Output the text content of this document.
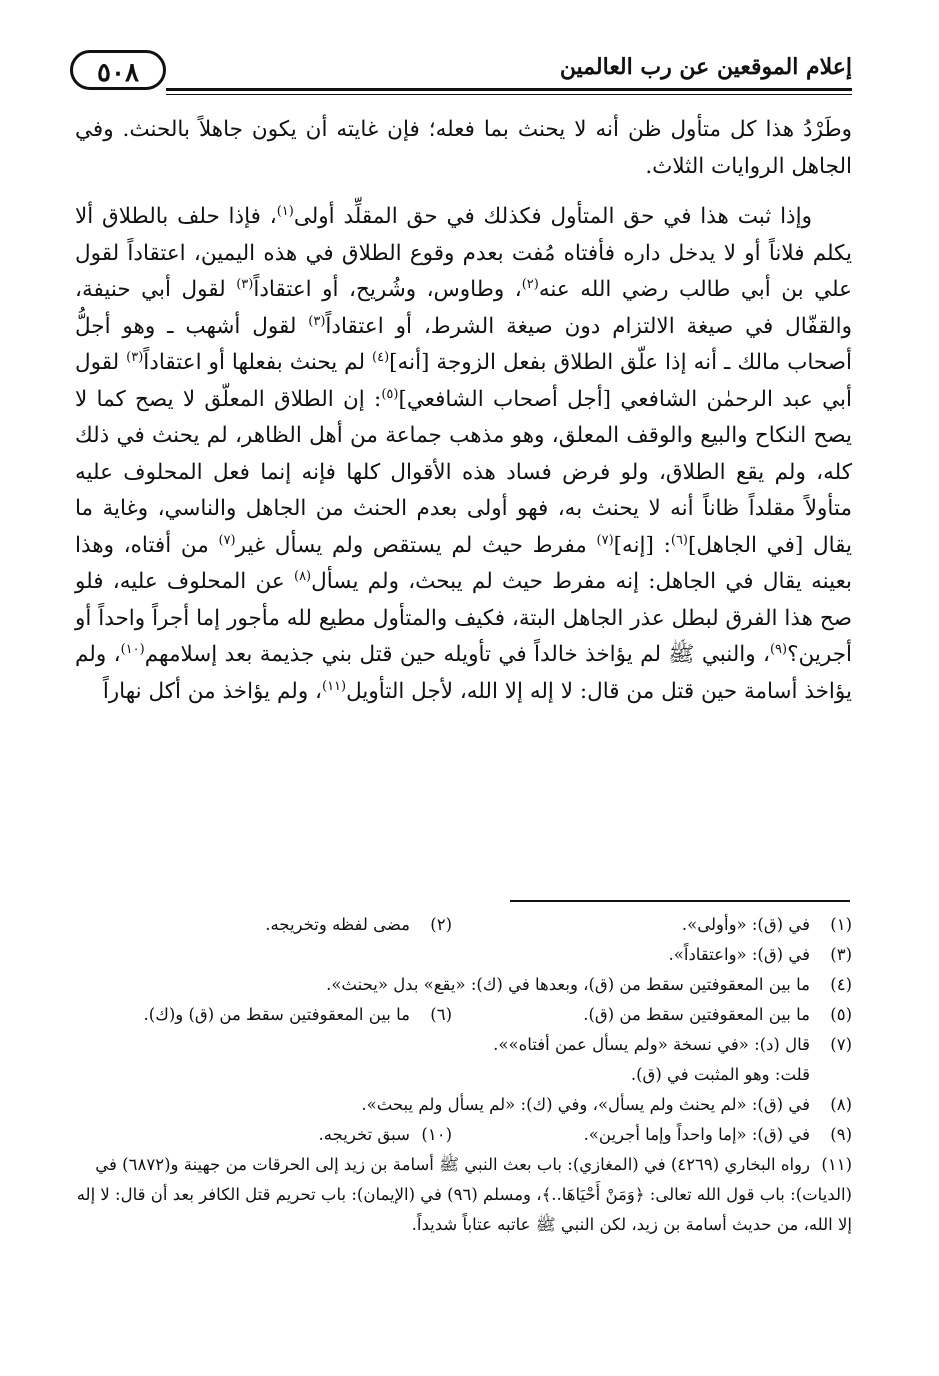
إعلام الموقعين عن رب العالمين
٥٠٨

وطَرْدُ هذا كل متأول ظن أنه لا يحنث بما فعله؛ فإن غايته أن يكون جاهلاً بالحنث. وفي الجاهل الروايات الثلاث.

وإذا ثبت هذا في حق المتأول فكذلك في حق المقلِّد أولى$^{(١)}$، فإذا حلف بالطلاق ألا يكلم فلاناً أو لا يدخل داره فأفتاه مُفت بعدم وقوع الطلاق في هذه اليمين، اعتقاداً لقول علي بن أبي طالب رضي الله عنه$^{(٢)}$، وطاوس، وشُريح، أو اعتقاداً$^{(٣)}$ لقول أبي حنيفة، والقفّال في صيغة الالتزام دون صيغة الشرط، أو اعتقاداً$^{(٣)}$ لقول أشهب ـ وهو أجلُّ أصحاب مالك ـ أنه إذا علّق الطلاق بفعل الزوجة [أنه]$^{(٤)}$ لم يحنث بفعلها أو اعتقاداً$^{(٣)}$ لقول أبي عبد الرحمٰن الشافعي [أجل أصحاب الشافعي]$^{(٥)}$: إن الطلاق المعلّق لا يصح كما لا يصح النكاح والبيع والوقف المعلق، وهو مذهب جماعة من أهل الظاهر، لم يحنث في ذلك كله، ولم يقع الطلاق، ولو فرض فساد هذه الأقوال كلها فإنه إنما فعل المحلوف عليه متأولاً مقلداً ظاناً أنه لا يحنث به، فهو أولى بعدم الحنث من الجاهل والناسي، وغاية ما يقال [في الجاهل]$^{(٦)}$: [إنه]$^{(٧)}$ مفرط حيث لم يستقص ولم يسأل غير$^{(٧)}$ من أفتاه، وهذا بعينه يقال في الجاهل: إنه مفرط حيث لم يبحث، ولم يسأل$^{(٨)}$ عن المحلوف عليه، فلو صح هذا الفرق لبطل عذر الجاهل البتة، فكيف والمتأول مطيع لله مأجور إما أجراً واحداً أو أجرين؟$^{(٩)}$، والنبي ﷺ لم يؤاخذ خالداً في تأويله حين قتل بني جذيمة بعد إسلامهم$^{(١٠)}$، ولم يؤاخذ أسامة حين قتل من قال: لا إله إلا الله، لأجل التأويل$^{(١١)}$، ولم يؤاخذ من أكل نهاراً

(١)في (ق): «وأولى».
(٢)مضى لفظه وتخريجه.
(٣)في (ق): «واعتقاداً».
(٤)ما بين المعقوفتين سقط من (ق)، وبعدها في (ك): «يقع» بدل «يحنث».
(٥)ما بين المعقوفتين سقط من (ق).
(٦)ما بين المعقوفتين سقط من (ق) و(ك).
(٧)قال (د): «في نسخة «ولم يسأل عمن أفتاه»».
قلت: وهو المثبت في (ق).
(٨)في (ق): «لم يحنث ولم يسأل»، وفي (ك): «لم يسأل ولم يبحث».
(٩)في (ق): «إما واحداً وإما أجرين».
(١٠)سبق تخريجه.
(١١)رواه البخاري (٤٢٦٩) في (المغازي): باب بعث النبي ﷺ أسامة بن زيد إلى الحرقات من جهينة و(٦٨٧٢) في (الديات): باب قول الله تعالى: ﴿وَمَنْ أَحْيَاهَا..﴾، ومسلم (٩٦) في (الإيمان): باب تحريم قتل الكافر بعد أن قال: لا إله إلا الله، من حديث أسامة بن زيد، لكن النبي ﷺ عاتبه عتاباً شديداً.
